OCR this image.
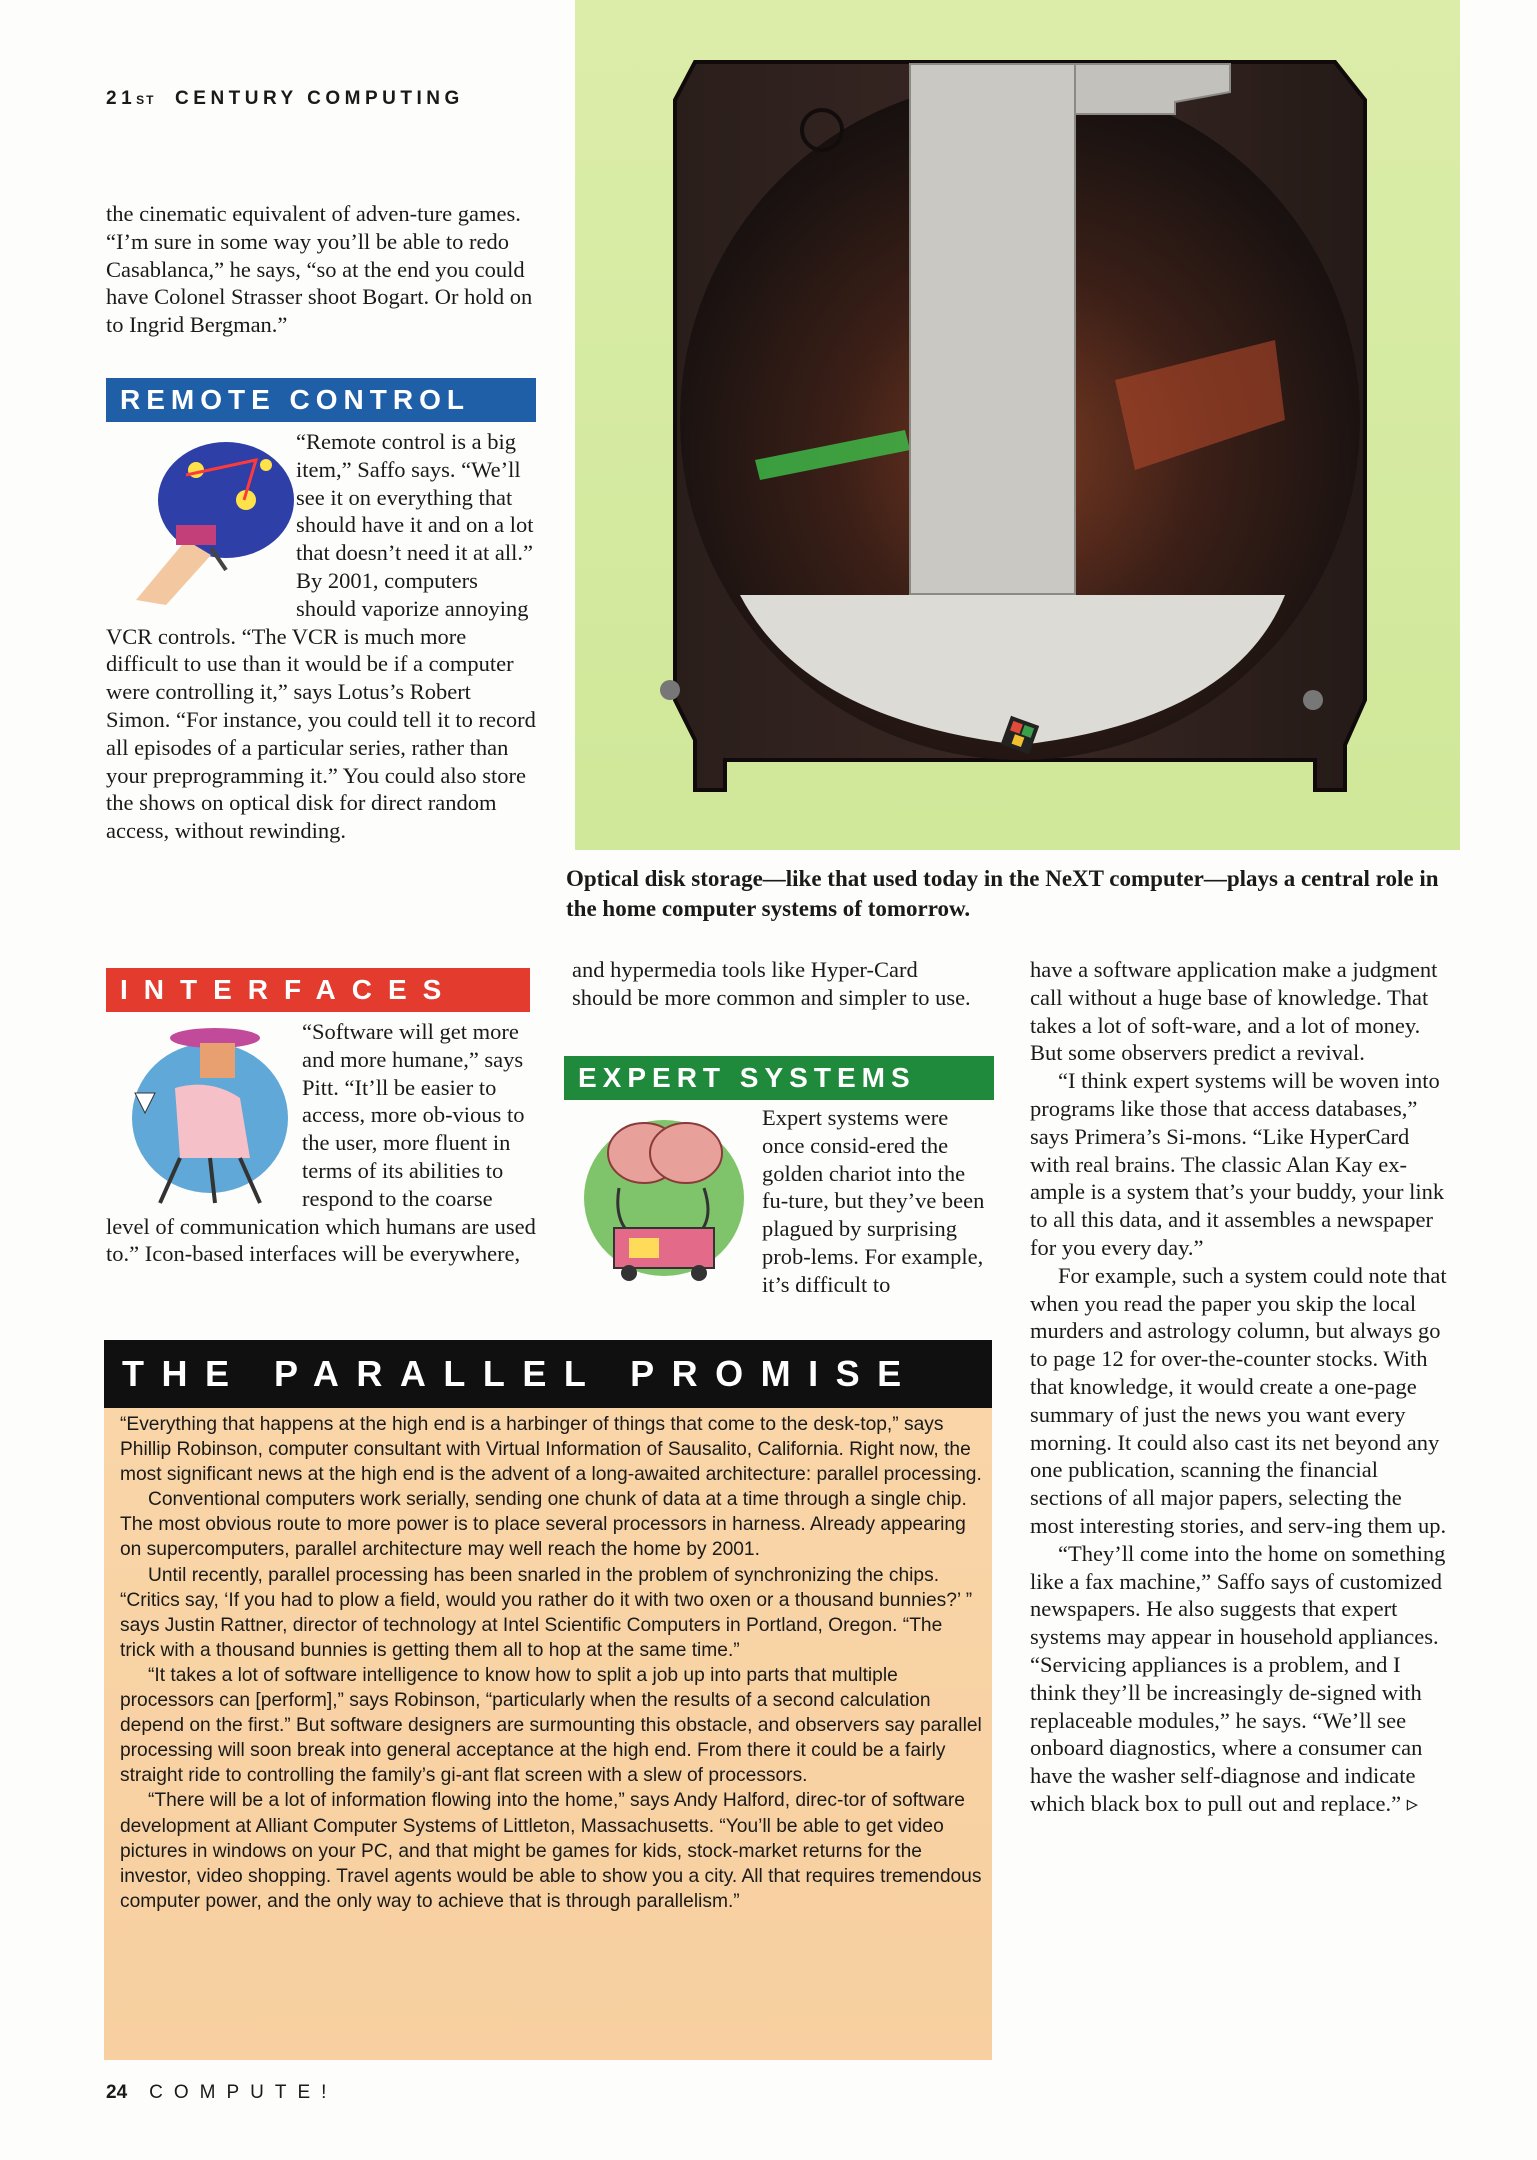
21ST CENTURY COMPUTING
Optical disk storage—like that used today in the NeXT computer—plays a central role in the home computer systems of tomorrow.
the cinematic equivalent of adven-ture games. “I’m sure in some way you’ll be able to redo Casablanca,” he says, “so at the end you could have Colonel Strasser shoot Bogart. Or hold on to Ingrid Bergman.”
REMOTE CONTROL
“Remote control is a big item,” Saffo says. “We’ll see it on everything that should have it and on a lot that doesn’t need it at all.” By 2001, computers should vaporize annoying VCR controls. “The VCR is much more difficult to use than it would be if a computer were controlling it,” says Lotus’s Robert Simon. “For instance, you could tell it to record all episodes of a particular series, rather than your preprogramming it.” You could also store the shows on optical disk for direct random access, without rewinding.
INTERFACES
“Software will get more and more humane,” says Pitt. “It’ll be easier to access, more ob-vious to the user, more fluent in terms of its abilities to respond to the coarse level of communication which humans are used to.” Icon-based interfaces will be everywhere,
and hypermedia tools like Hyper-Card should be more common and simpler to use.
EXPERT SYSTEMS
Expert systems were once consid-ered the golden chariot into the fu-ture, but they’ve been plagued by surprising prob-lems. For example, it’s difficult to

have a software application make a judgment call without a huge base of knowledge. That takes a lot of soft-ware, and a lot of money. But some observers predict a revival.

“I think expert systems will be woven into programs like those that access databases,” says Primera’s Si-mons. “Like HyperCard with real brains. The classic Alan Kay ex-ample is a system that’s your buddy, your link to all this data, and it assembles a newspaper for you every day.”

For example, such a system could note that when you read the paper you skip the local murders and astrology column, but always go to page 12 for over-the-counter stocks. With that knowledge, it would create a one-page summary of just the news you want every morning. It could also cast its net beyond any one publication, scanning the financial sections of all major papers, selecting the most interesting stories, and serv-ing them up.

“They’ll come into the home on something like a fax machine,” Saffo says of customized newspapers. He also suggests that expert systems may appear in household appliances. “Servicing appliances is a problem, and I think they’ll be increasingly de-signed with replaceable modules,” he says. “We’ll see onboard diagnostics, where a consumer can have the washer self-diagnose and indicate which black box to pull out and replace.” ▹

THE PARALLEL PROMISE

“Everything that happens at the high end is a harbinger of things that come to the desk-top,” says Phillip Robinson, computer consultant with Virtual Information of Sausalito, California. Right now, the most significant news at the high end is the advent of a long-awaited architecture: parallel processing.

Conventional computers work serially, sending one chunk of data at a time through a single chip. The most obvious route to more power is to place several processors in harness. Already appearing on supercomputers, parallel architecture may well reach the home by 2001.

Until recently, parallel processing has been snarled in the problem of synchronizing the chips. “Critics say, ‘If you had to plow a field, would you rather do it with two oxen or a thousand bunnies?’ ” says Justin Rattner, director of technology at Intel Scientific Computers in Portland, Oregon. “The trick with a thousand bunnies is getting them all to hop at the same time.”

“It takes a lot of software intelligence to know how to split a job up into parts that multiple processors can [perform],” says Robinson, “particularly when the results of a second calculation depend on the first.” But software designers are surmounting this obstacle, and observers say parallel processing will soon break into general acceptance at the high end. From there it could be a fairly straight ride to controlling the family’s gi-ant flat screen with a slew of processors.

“There will be a lot of information flowing into the home,” says Andy Halford, direc-tor of software development at Alliant Computer Systems of Littleton, Massachusetts. “You’ll be able to get video pictures in windows on your PC, and that might be games for kids, stock-market returns for the investor, video shopping. Travel agents would be able to show you a city. All that requires tremendous computer power, and the only way to achieve that is through parallelism.”

24 COMPUTE!
